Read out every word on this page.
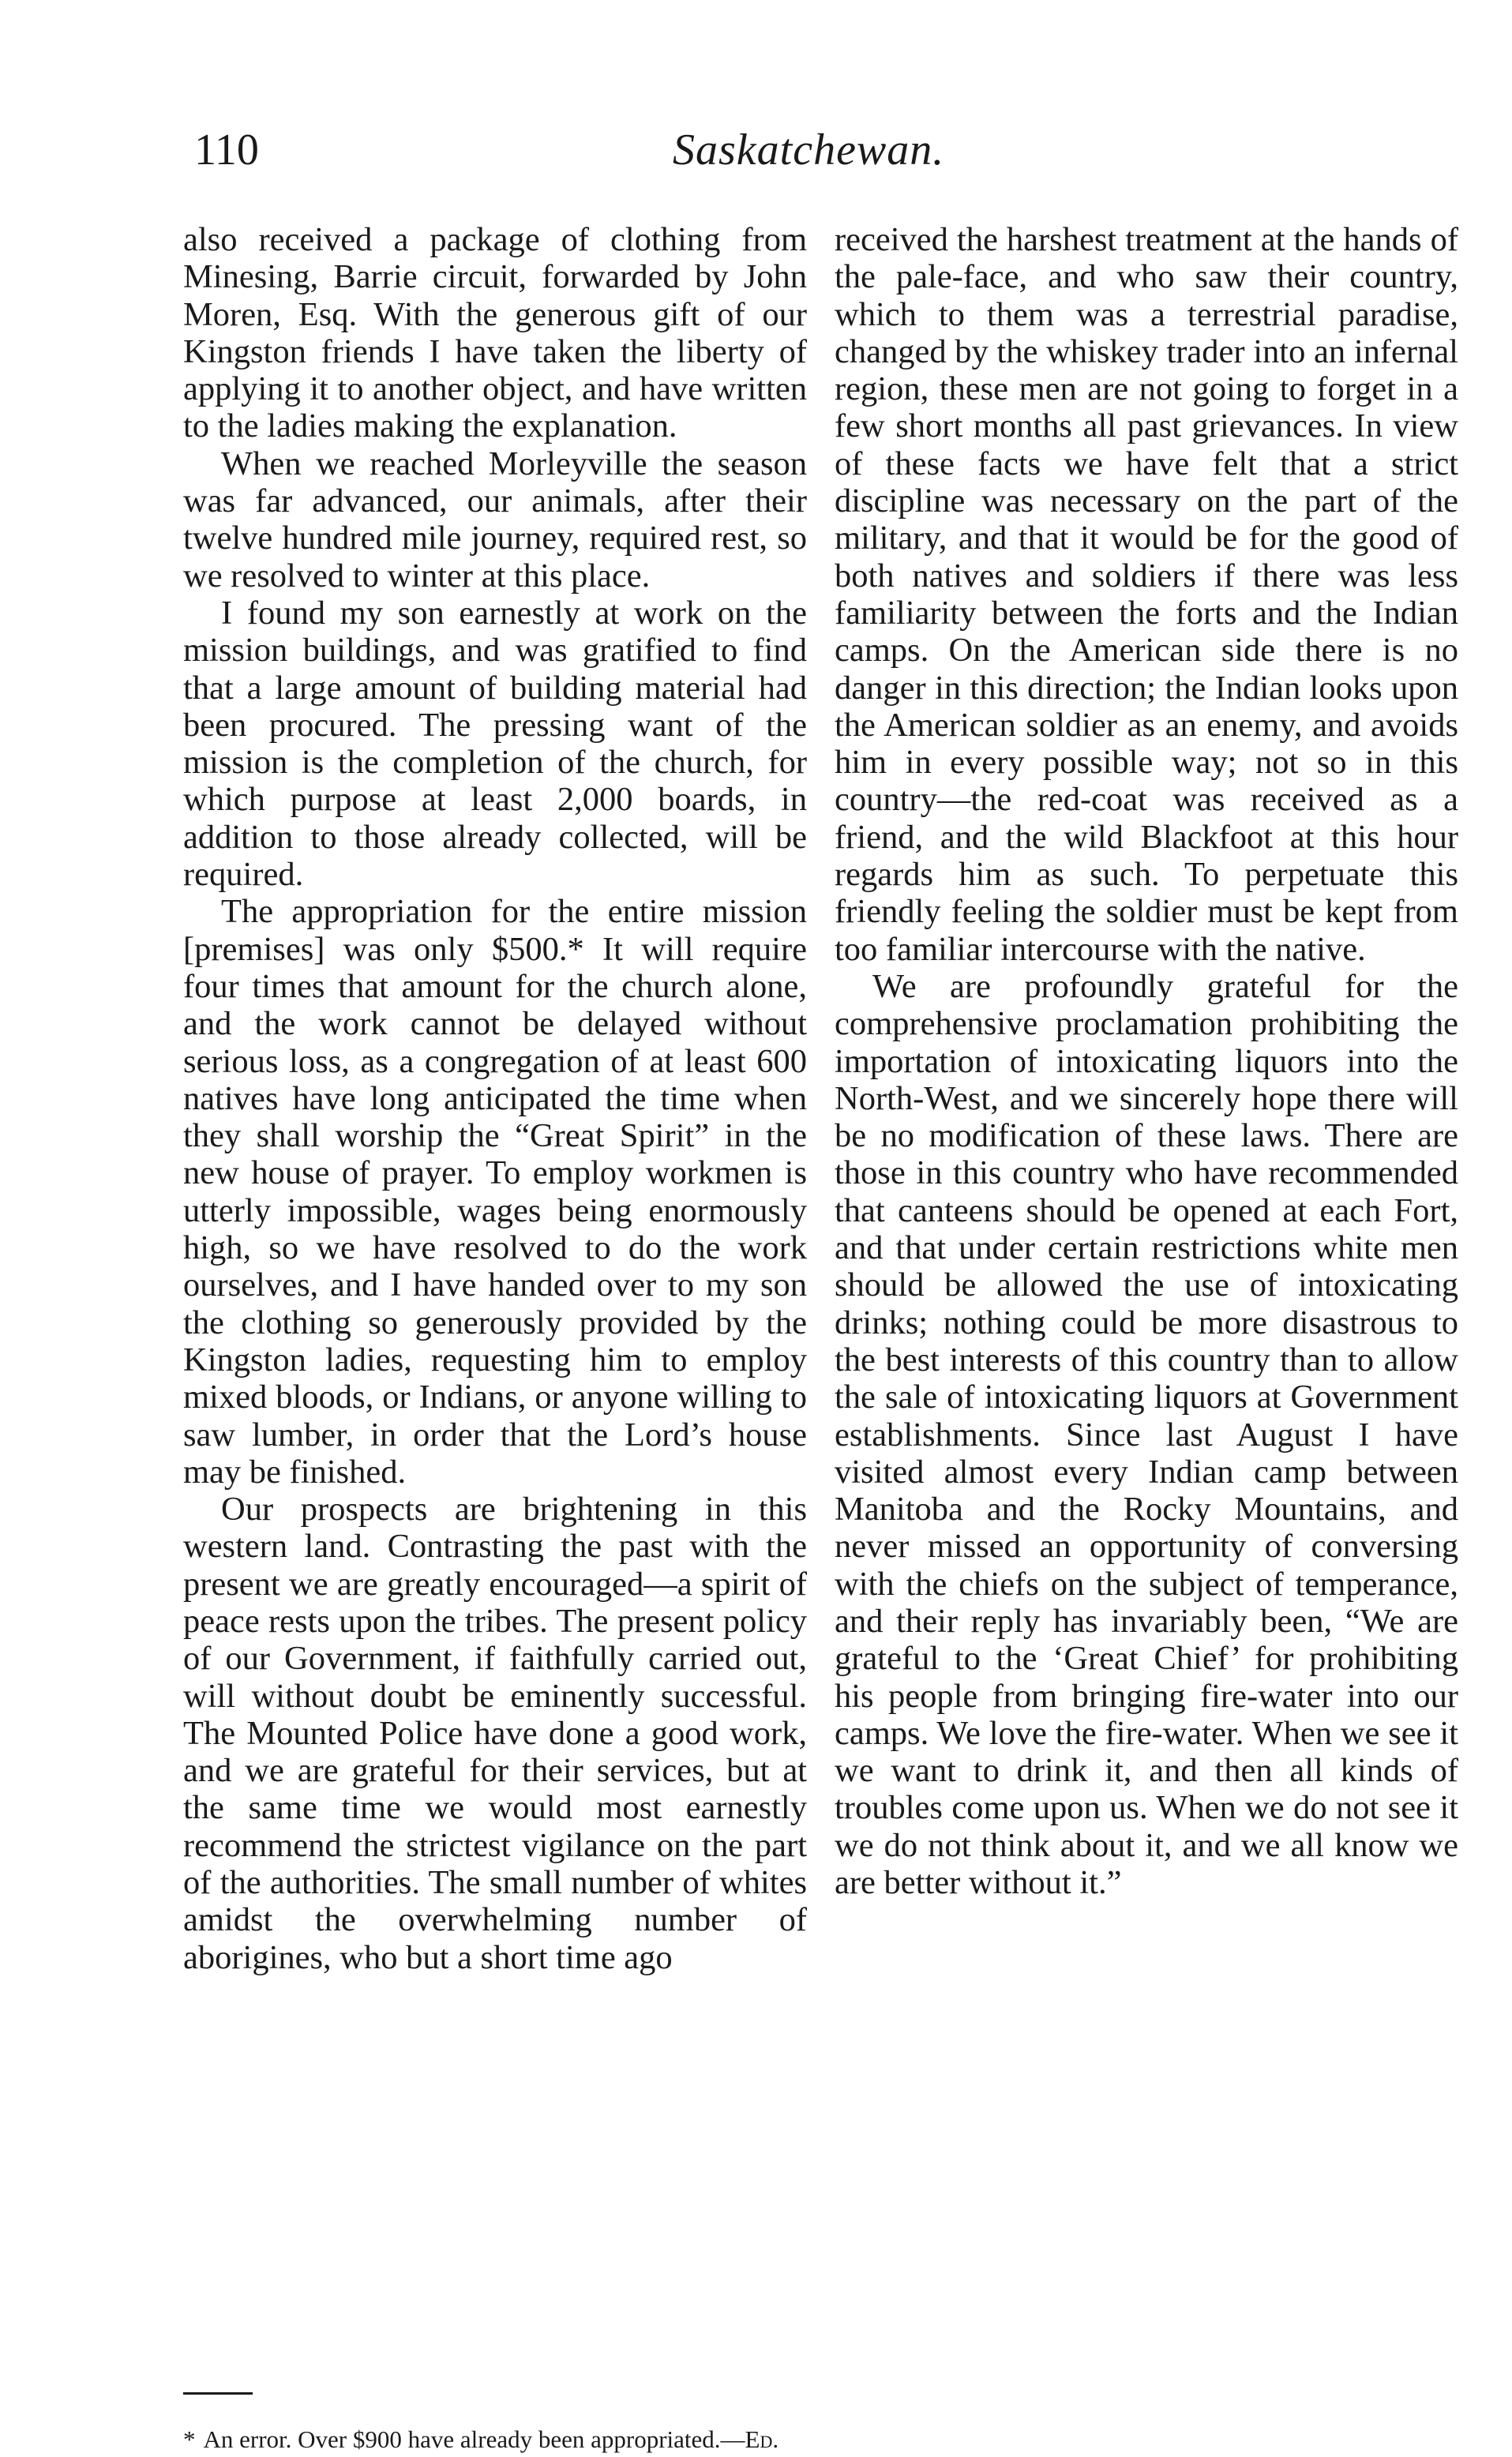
110	Saskatchewan.

also received a package of clothing from Minesing, Barrie circuit, forwarded by John Moren, Esq. With the generous gift of our Kingston friends I have taken the liberty of applying it to another object, and have written to the ladies making the explanation.

When we reached Morleyville the season was far advanced, our animals, after their twelve hundred mile journey, required rest, so we resolved to winter at this place.

I found my son earnestly at work on the mission buildings, and was gratified to find that a large amount of building material had been procured. The pressing want of the mission is the completion of the church, for which purpose at least 2,000 boards, in addition to those already collected, will be required.

The appropriation for the entire mission [premises] was only $500.* It will require four times that amount for the church alone, and the work cannot be delayed without serious loss, as a congregation of at least 600 natives have long anticipated the time when they shall worship the “Great Spirit” in the new house of prayer. To employ workmen is utterly impossible, wages being enormously high, so we have resolved to do the work ourselves, and I have handed over to my son the clothing so generously provided by the Kingston ladies, requesting him to employ mixed bloods, or Indians, or anyone willing to saw lumber, in order that the Lord’s house may be finished.

Our prospects are brightening in this western land. Contrasting the past with the present we are greatly encouraged—a spirit of peace rests upon the tribes. The present policy of our Government, if faithfully carried out, will without doubt be eminently successful. The Mounted Police have done a good work, and we are grateful for their services, but at the same time we would most earnestly recommend the strictest vigilance on the part of the authorities. The small number of whites amidst the overwhelming number of aborigines, who but a short time ago

received the harshest treatment at the hands of the pale-face, and who saw their country, which to them was a terrestrial paradise, changed by the whiskey trader into an infernal region, these men are not going to forget in a few short months all past grievances. In view of these facts we have felt that a strict discipline was necessary on the part of the military, and that it would be for the good of both natives and soldiers if there was less familiarity between the forts and the Indian camps. On the American side there is no danger in this direction; the Indian looks upon the American soldier as an enemy, and avoids him in every possible way; not so in this country—the red-coat was received as a friend, and the wild Blackfoot at this hour regards him as such. To perpetuate this friendly feeling the soldier must be kept from too familiar intercourse with the native.

We are profoundly grateful for the comprehensive proclamation prohibiting the importation of intoxicating liquors into the North-West, and we sincerely hope there will be no modification of these laws. There are those in this country who have recommended that canteens should be opened at each Fort, and that under certain restrictions white men should be allowed the use of intoxicating drinks; nothing could be more disastrous to the best interests of this country than to allow the sale of intoxicating liquors at Government establishments. Since last August I have visited almost every Indian camp between Manitoba and the Rocky Mountains, and never missed an opportunity of conversing with the chiefs on the subject of temperance, and their reply has invariably been, “We are grateful to the ‘Great Chief’ for prohibiting his people from bringing fire-water into our camps. We love the fire-water. When we see it we want to drink it, and then all kinds of troubles come upon us. When we do not see it we do not think about it, and we all know we are better without it.”

* An error. Over $900 have already been appropriated.—Ed.
